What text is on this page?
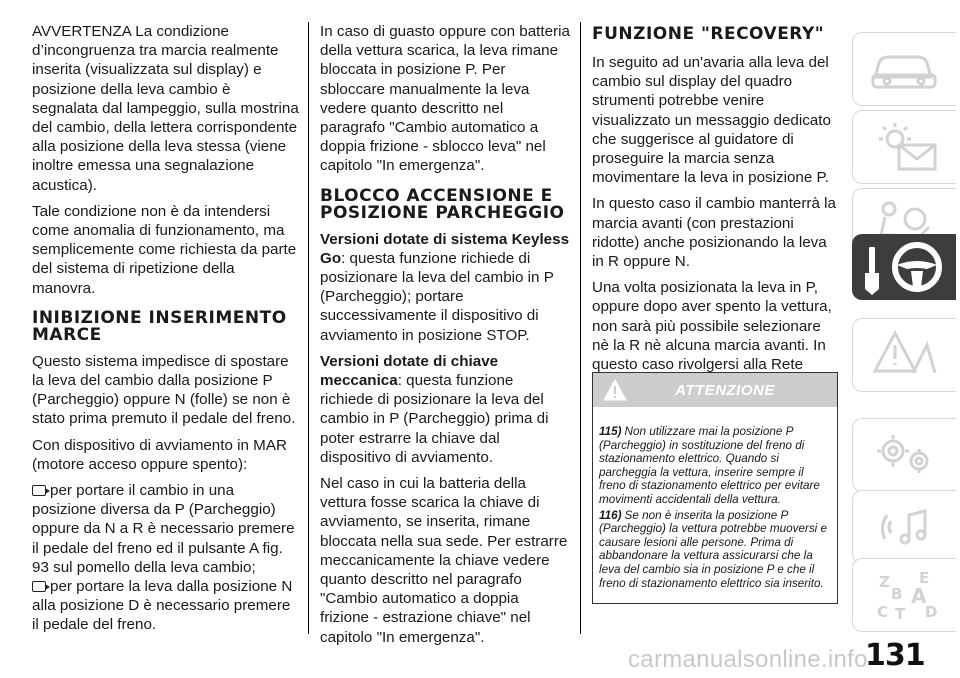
AVVERTENZA La condizione d’incongruenza tra marcia realmente inserita (visualizzata sul display) e posizione della leva cambio è segnalata dal lampeggio, sulla mostrina del cambio, della lettera corrispondente alla posizione della leva stessa (viene inoltre emessa una segnalazione acustica).

Tale condizione non è da intendersi come anomalia di funzionamento, ma semplicemente come richiesta da parte del sistema di ripetizione della manovra.

INIBIZIONE INSERIMENTO MARCE

Questo sistema impedisce di spostare la leva del cambio dalla posizione P (Parcheggio) oppure N (folle) se non è stato prima premuto il pedale del freno.

Con dispositivo di avviamento in MAR (motore acceso oppure spento):

per portare il cambio in una posizione diversa da P (Parcheggio) oppure da N a R è necessario premere il pedale del freno ed il pulsante A fig. 93 sul pomello della leva cambio;

per portare la leva dalla posizione N alla posizione D è necessario premere il pedale del freno.

In caso di guasto oppure con batteria della vettura scarica, la leva rimane bloccata in posizione P. Per sbloccare manualmente la leva vedere quanto descritto nel paragrafo "Cambio automatico a doppia frizione - sblocco leva" nel capitolo "In emergenza".

BLOCCO ACCENSIONE E POSIZIONE PARCHEGGIO

Versioni dotate di sistema Keyless Go: questa funzione richiede di posizionare la leva del cambio in P (Parcheggio); portare successivamente il dispositivo di avviamento in posizione STOP.

Versioni dotate di chiave meccanica: questa funzione richiede di posizionare la leva del cambio in P (Parcheggio) prima di poter estrarre la chiave dal dispositivo di avviamento.

Nel caso in cui la batteria della vettura fosse scarica la chiave di avviamento, se inserita, rimane bloccata nella sua sede. Per estrarre meccanicamente la chiave vedere quanto descritto nel paragrafo "Cambio automatico a doppia frizione - estrazione chiave" nel capitolo "In emergenza".

FUNZIONE "RECOVERY"

In seguito ad un'avaria alla leva del cambio sul display del quadro strumenti potrebbe venire visualizzato un messaggio dedicato che suggerisce al guidatore di proseguire la marcia senza movimentare la leva in posizione P.

In questo caso il cambio manterrà la marcia avanti (con prestazioni ridotte) anche posizionando la leva in R oppure N.

Una volta posizionata la leva in P, oppure dopo aver spento la vettura, non sarà più possibile selezionare nè la R nè alcuna marcia avanti. In questo caso rivolgersi alla Rete

ATTENZIONE

115) Non utilizzare mai la posizione P (Parcheggio) in sostituzione del freno di stazionamento elettrico. Quando si parcheggia la vettura, inserire sempre il freno di stazionamento elettrico per evitare movimenti accidentali della vettura.

116) Se non è inserita la posizione P (Parcheggio) la vettura potrebbe muoversi e causare lesioni alle persone. Prima di abbandonare la vettura assicurarsi che la leva del cambio sia in posizione P e che il freno di stazionamento elettrico sia inserito.	Z E
B A
C T D
carmanualsonline.info
131
